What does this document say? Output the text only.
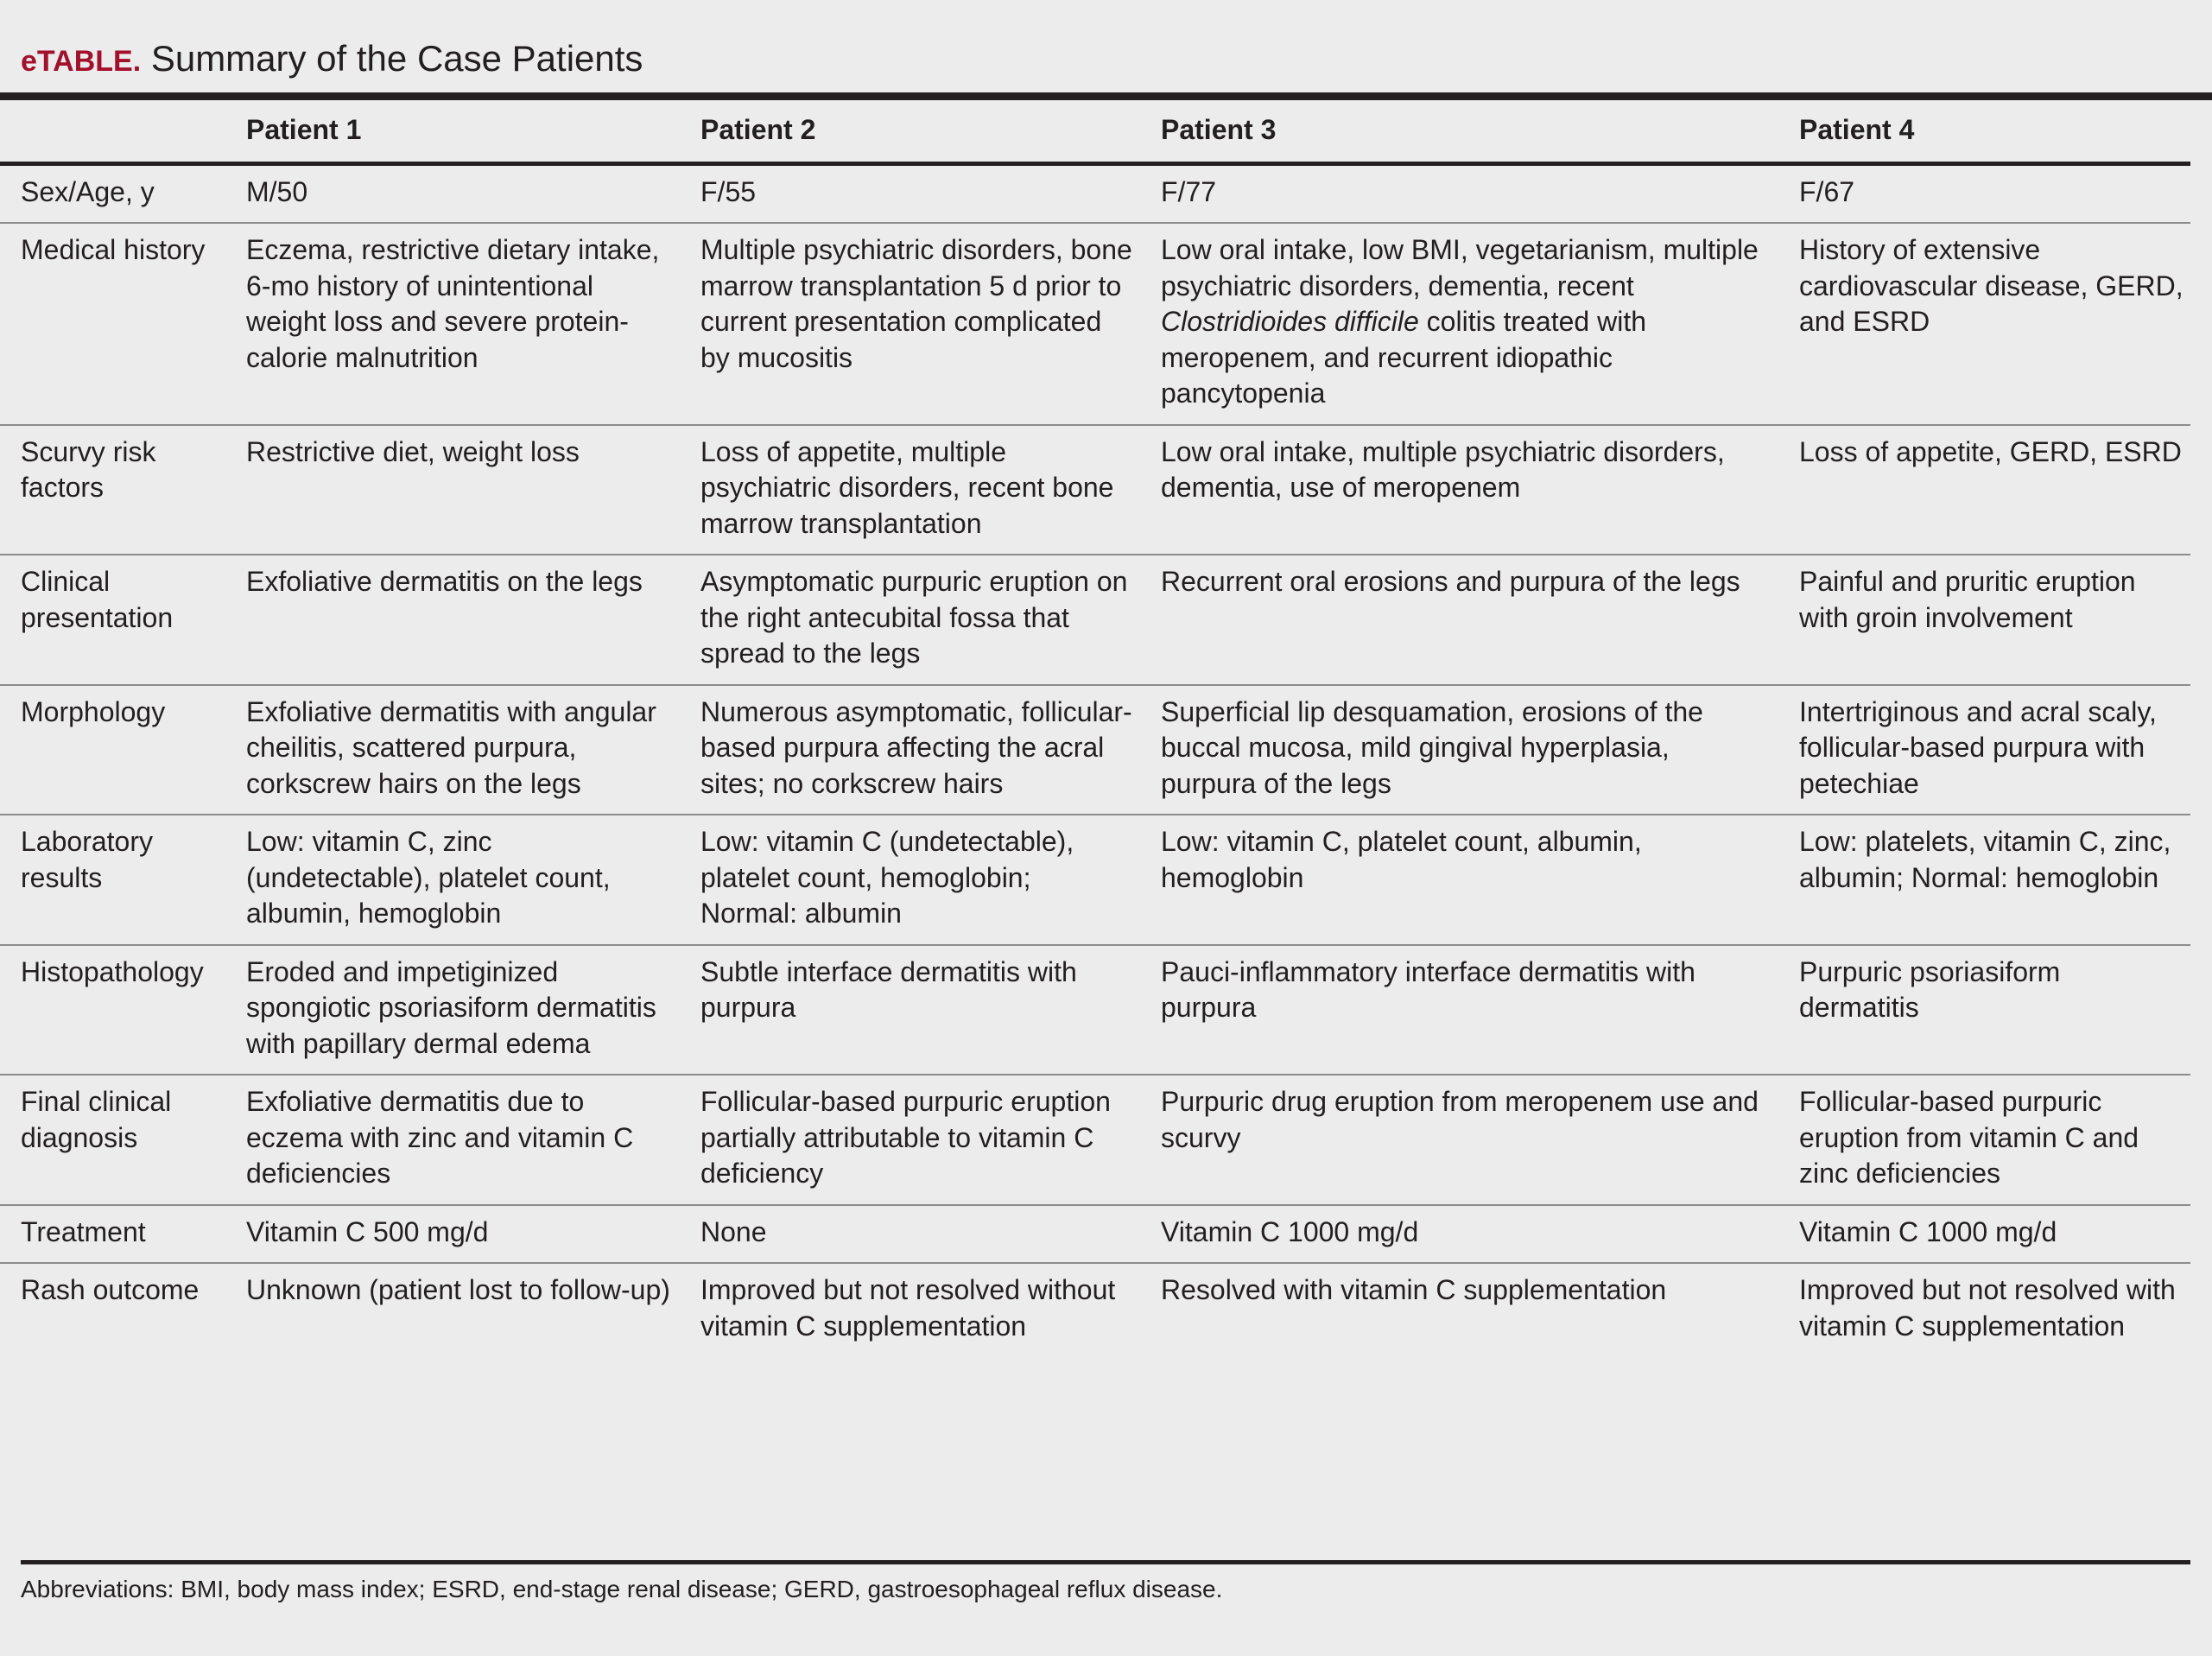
eTABLE. Summary of the Case Patients
	Patient 1	Patient 2	Patient 3	Patient 4
Sex/Age, y	M/50	F/55	F/77	F/67
Medical history	Eczema, restrictive dietary intake, 6-mo history of unintentional weight loss and severe protein-calorie malnutrition	Multiple psychiatric disorders, bone marrow transplantation 5 d prior to current presentation complicated by mucositis	Low oral intake, low BMI, vegetarianism, multiple psychiatric disorders, dementia, recent Clostridioides difficile colitis treated with meropenem, and recurrent idiopathic pancytopenia	History of extensive cardiovascular disease, GERD, and ESRD
Scurvy risk factors	Restrictive diet, weight loss	Loss of appetite, multiple psychiatric disorders, recent bone marrow transplantation	Low oral intake, multiple psychiatric disorders, dementia, use of meropenem	Loss of appetite, GERD, ESRD
Clinical presentation	Exfoliative dermatitis on the legs	Asymptomatic purpuric eruption on the right antecubital fossa that spread to the legs	Recurrent oral erosions and purpura of the legs	Painful and pruritic eruption with groin involvement
Morphology	Exfoliative dermatitis with angular cheilitis, scattered purpura, corkscrew hairs on the legs	Numerous asymptomatic, follicular-based purpura affecting the acral sites; no corkscrew hairs	Superficial lip desquamation, erosions of the buccal mucosa, mild gingival hyperplasia, purpura of the legs	Intertriginous and acral scaly, follicular-based purpura with petechiae
Laboratory results	Low: vitamin C, zinc (undetectable), platelet count, albumin, hemoglobin	Low: vitamin C (undetectable), platelet count, hemoglobin; Normal: albumin	Low: vitamin C, platelet count, albumin, hemoglobin	Low: platelets, vitamin C, zinc, albumin; Normal: hemoglobin
Histopathology	Eroded and impetiginized spongiotic psoriasiform dermatitis with papillary dermal edema	Subtle interface dermatitis with purpura	Pauci-inflammatory interface dermatitis with purpura	Purpuric psoriasiform dermatitis
Final clinical diagnosis	Exfoliative dermatitis due to eczema with zinc and vitamin C deficiencies	Follicular-based purpuric eruption partially attributable to vitamin C deficiency	Purpuric drug eruption from meropenem use and scurvy	Follicular-based purpuric eruption from vitamin C and zinc deficiencies
Treatment	Vitamin C 500 mg/d	None	Vitamin C 1000 mg/d	Vitamin C 1000 mg/d
Rash outcome	Unknown (patient lost to follow-up)	Improved but not resolved without vitamin C supplementation	Resolved with vitamin C supplementation	Improved but not resolved with vitamin C supplementation
Abbreviations: BMI, body mass index; ESRD, end-stage renal disease; GERD, gastroesophageal reflux disease.
